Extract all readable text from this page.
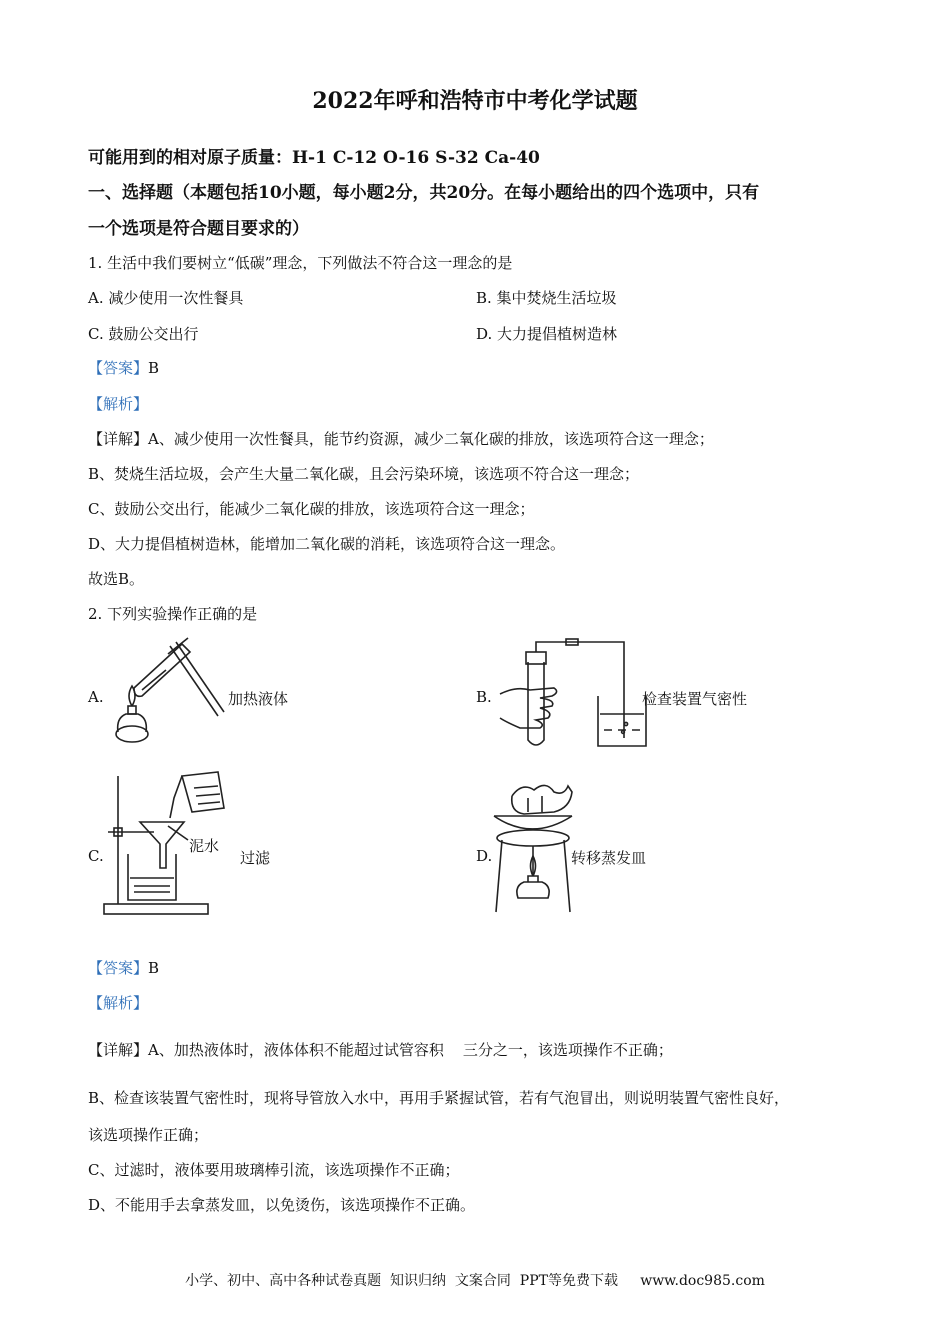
2022年呼和浩特市中考化学试题
可能用到的相对原子质量：H-1 C-12 O-16 S-32 Ca-40
一、选择题（本题包括10小题，每小题2分，共20分。在每小题给出的四个选项中，只有
一个选项是符合题目要求的）
1. 生活中我们要树立“低碳”理念，下列做法不符合这一理念的是
A. 减少使用一次性餐具	B. 集中焚烧生活垃圾
C. 鼓励公交出行	D. 大力提倡植树造林
【答案】B
【解析】
【详解】A、减少使用一次性餐具，能节约资源，减少二氧化碳的排放，该选项符合这一理念；
B、焚烧生活垃圾，会产生大量二氧化碳，且会污染环境，该选项不符合这一理念；
C、鼓励公交出行，能减少二氧化碳的排放，该选项符合这一理念；
D、大力提倡植树造林，能增加二氧化碳的消耗，该选项符合这一理念。
故选B。
2. 下列实验操作正确的是
A.	加热液体	B.	检查装置气密性
C.	过滤
泥水
D.	转移蒸发皿
【答案】B
【解析】
【详解】A、加热液体时，液体体积不能超过试管容积    三分之一，该选项操作不正确；
B、检查该装置气密性时，现将导管放入水中，再用手紧握试管，若有气泡冒出，则说明装置气密性良好，
该选项操作正确；
C、过滤时，液体要用玻璃棒引流，该选项操作不正确；
D、不能用手去拿蒸发皿，以免烫伤，该选项操作不正确。
小学、初中、高中各种试卷真题  知识归纳  文案合同  PPT等免费下载     www.doc985.com
